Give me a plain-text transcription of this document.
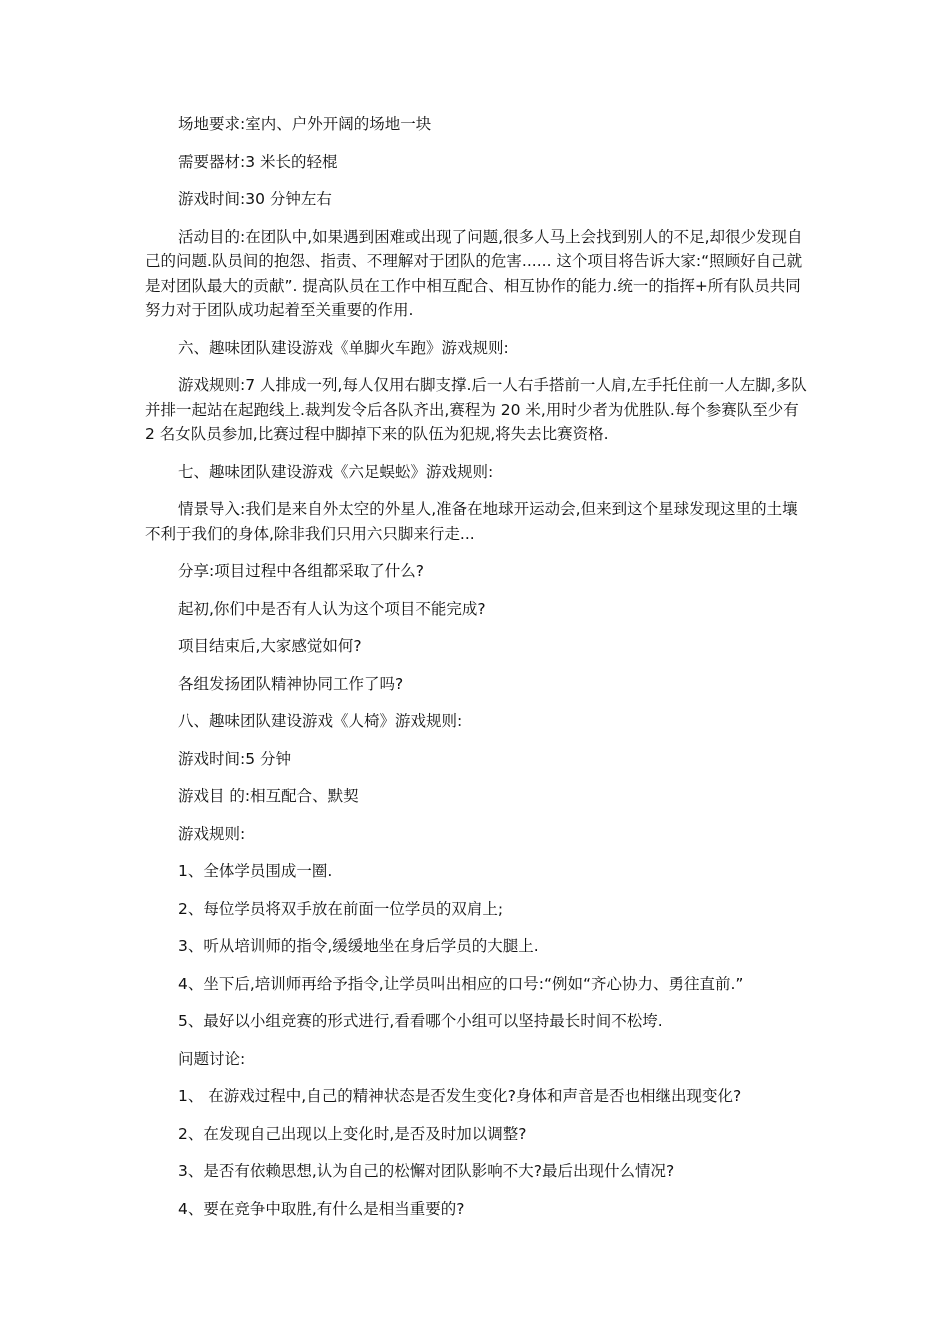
场地要求:室内、户外开阔的场地一块

需要器材:3 米长的轻棍

游戏时间:30 分钟左右

活动目的:在团队中,如果遇到困难或出现了问题,很多人马上会找到别人的不足,却很少发现自己的问题.队员间的抱怨、指责、不理解对于团队的危害...... 这个项目将告诉大家:“照顾好自己就是对团队最大的贡献”. 提高队员在工作中相互配合、相互协作的能力.统一的指挥+所有队员共同努力对于团队成功起着至关重要的作用.

六、趣味团队建设游戏《单脚火车跑》游戏规则:

游戏规则:7 人排成一列,每人仅用右脚支撑.后一人右手搭前一人肩,左手托住前一人左脚,多队并排一起站在起跑线上.裁判发令后各队齐出,赛程为 20 米,用时少者为优胜队.每个参赛队至少有 2 名女队员参加,比赛过程中脚掉下来的队伍为犯规,将失去比赛资格.

七、趣味团队建设游戏《六足蜈蚣》游戏规则:

情景导入:我们是来自外太空的外星人,准备在地球开运动会,但来到这个星球发现这里的土壤不利于我们的身体,除非我们只用六只脚来行走...

分享:项目过程中各组都采取了什么?

起初,你们中是否有人认为这个项目不能完成?

项目结束后,大家感觉如何?

各组发扬团队精神协同工作了吗?

八、趣味团队建设游戏《人椅》游戏规则:

游戏时间:5 分钟

游戏目 的:相互配合、默契

游戏规则:

1、全体学员围成一圈.

2、每位学员将双手放在前面一位学员的双肩上;

3、听从培训师的指令,缓缓地坐在身后学员的大腿上.

4、坐下后,培训师再给予指令,让学员叫出相应的口号:“例如“齐心协力、勇往直前.”

5、最好以小组竞赛的形式进行,看看哪个小组可以坚持最长时间不松垮.

问题讨论:

1、 在游戏过程中,自己的精神状态是否发生变化?身体和声音是否也相继出现变化?

2、在发现自己出现以上变化时,是否及时加以调整?

3、是否有依赖思想,认为自己的松懈对团队影响不大?最后出现什么情况?

4、要在竞争中取胜,有什么是相当重要的?
